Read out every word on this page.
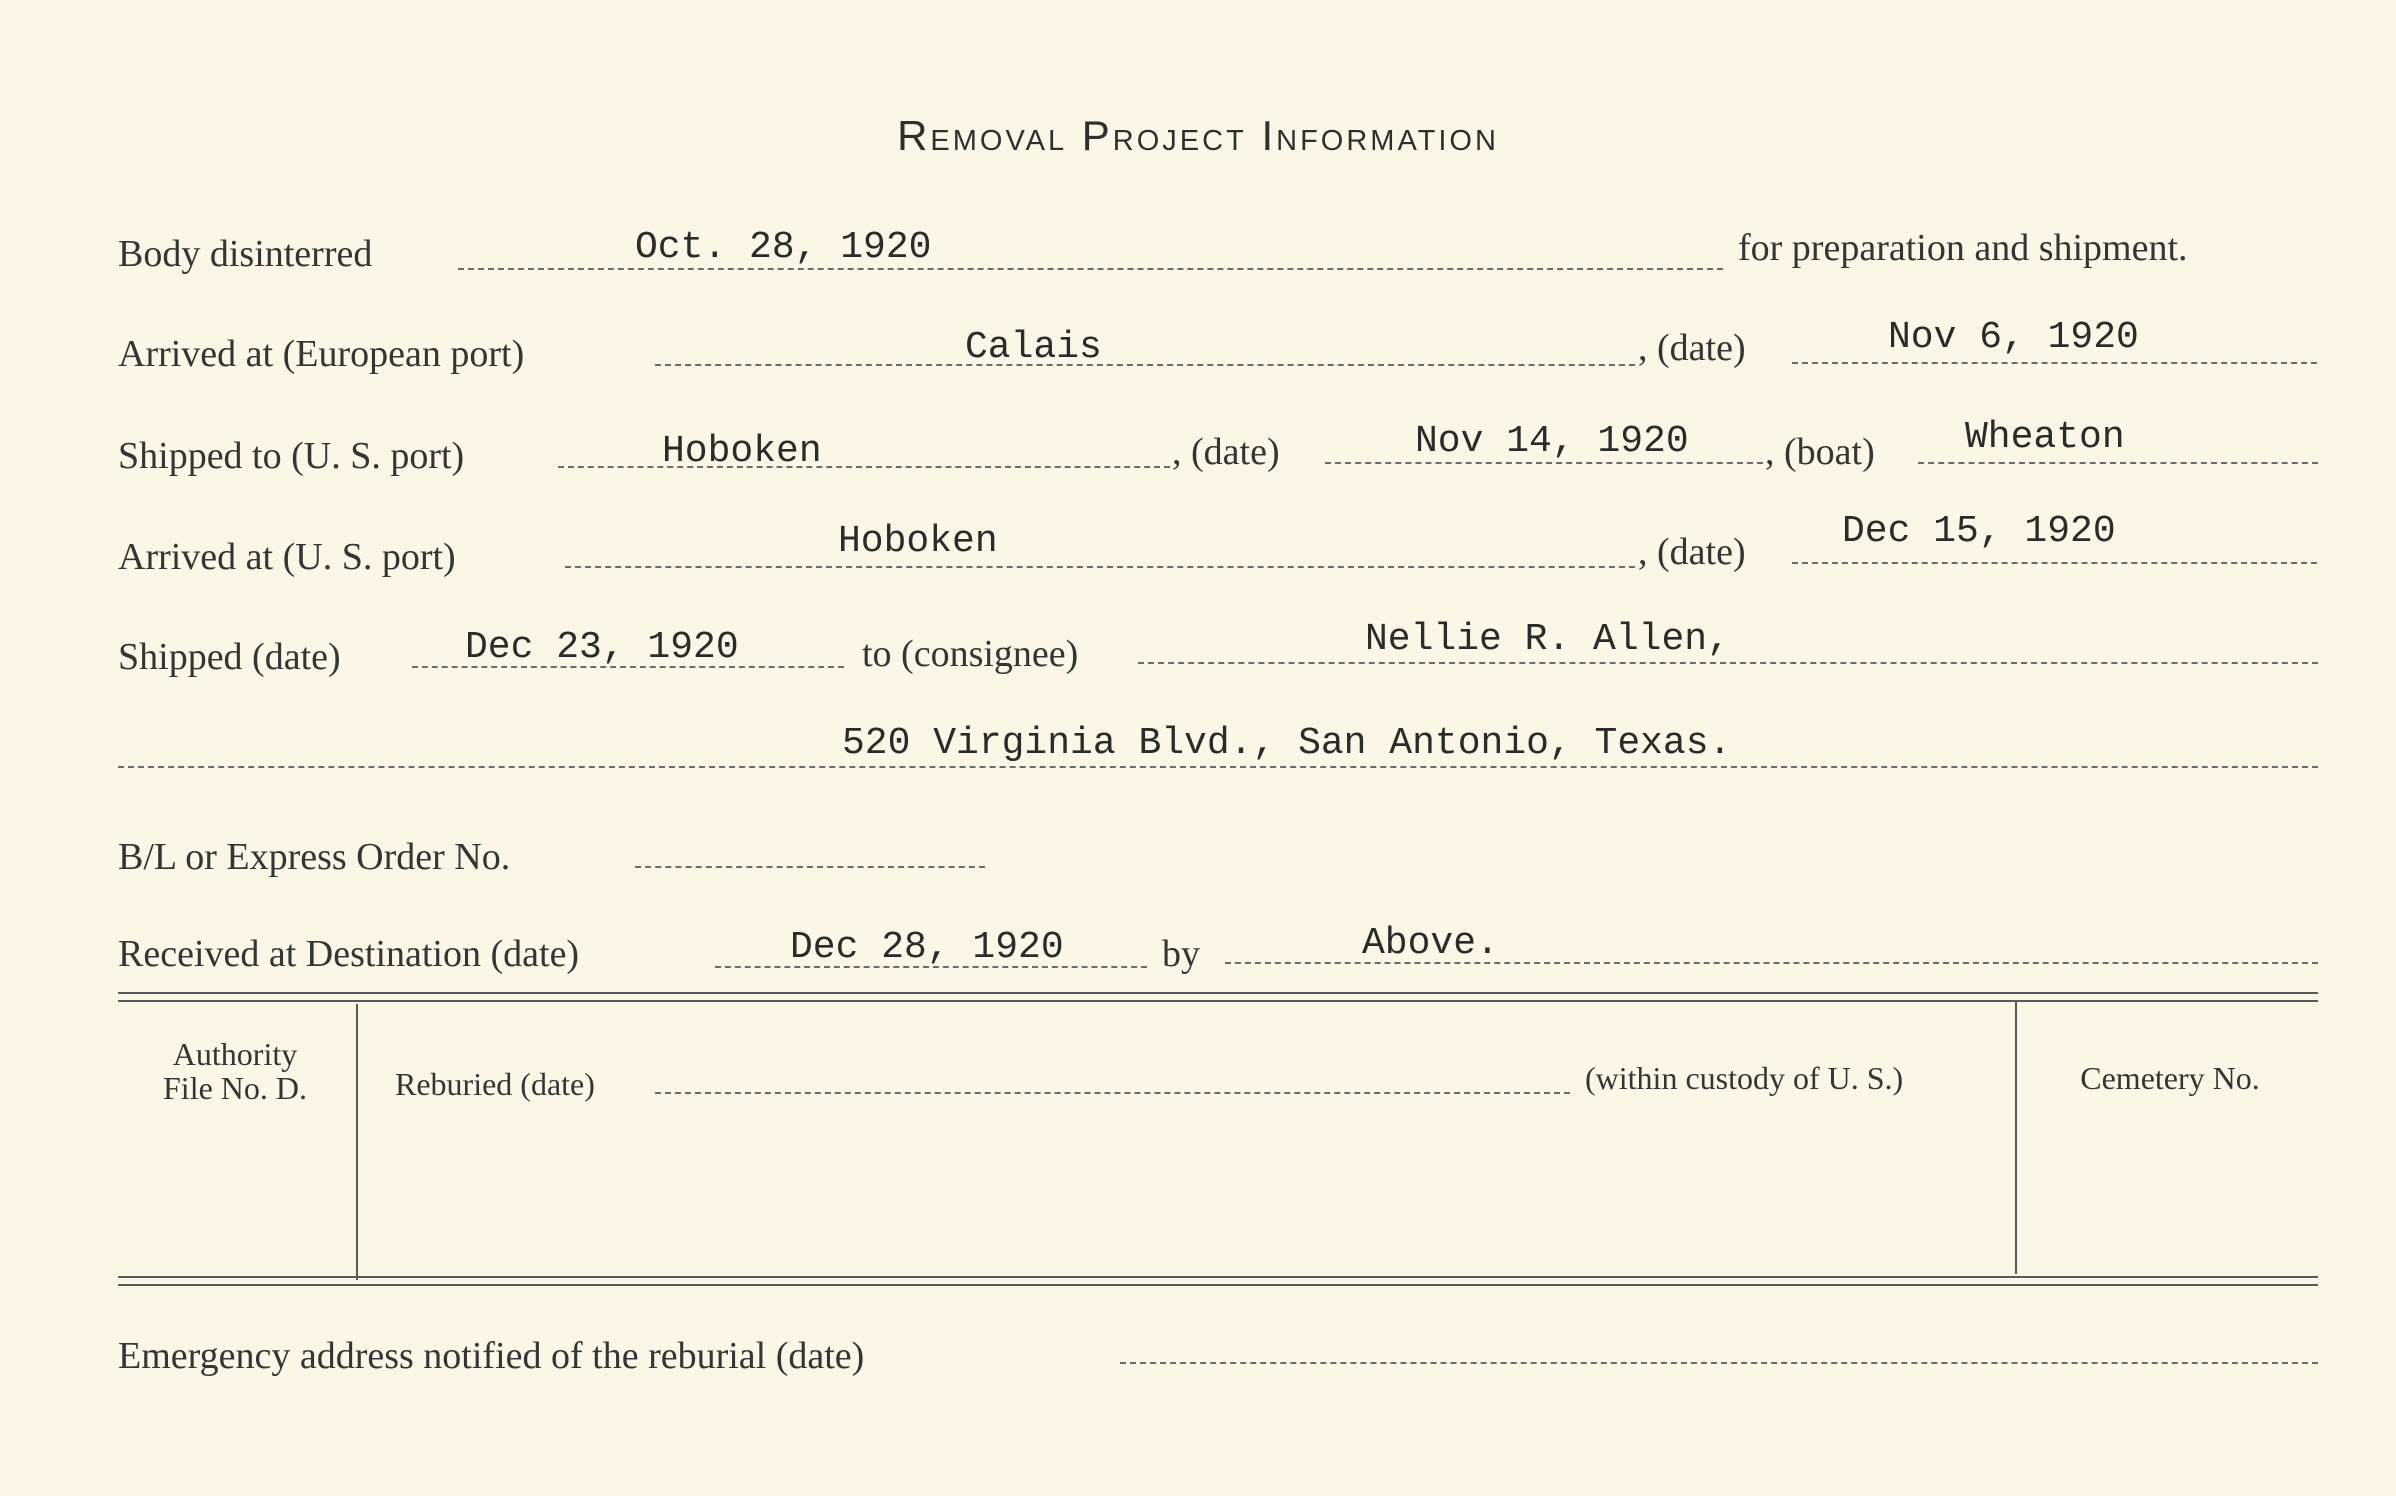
Removal Project Information
Body disinterred	Oct. 28, 1920	for preparation and shipment.
Arrived at (European port)	Calais	, (date)	Nov 6, 1920
Shipped to (U. S. port)	Hoboken	, (date)	Nov 14, 1920 , (boat) Wheaton
Arrived at (U. S. port)	Hoboken	, (date)	Dec 15, 1920
Shipped (date)	Dec 23, 1920	to (consignee)	Nellie R. Allen,
520 Virginia Blvd., San Antonio, Texas.
B/L or Express Order No.
Received at Destination (date)	Dec 28, 1920	by	Above.
Authority
File No. D.	Reburied (date)	(within custody of U. S.)	Cemetery No.
Emergency address notified of the reburial (date)
